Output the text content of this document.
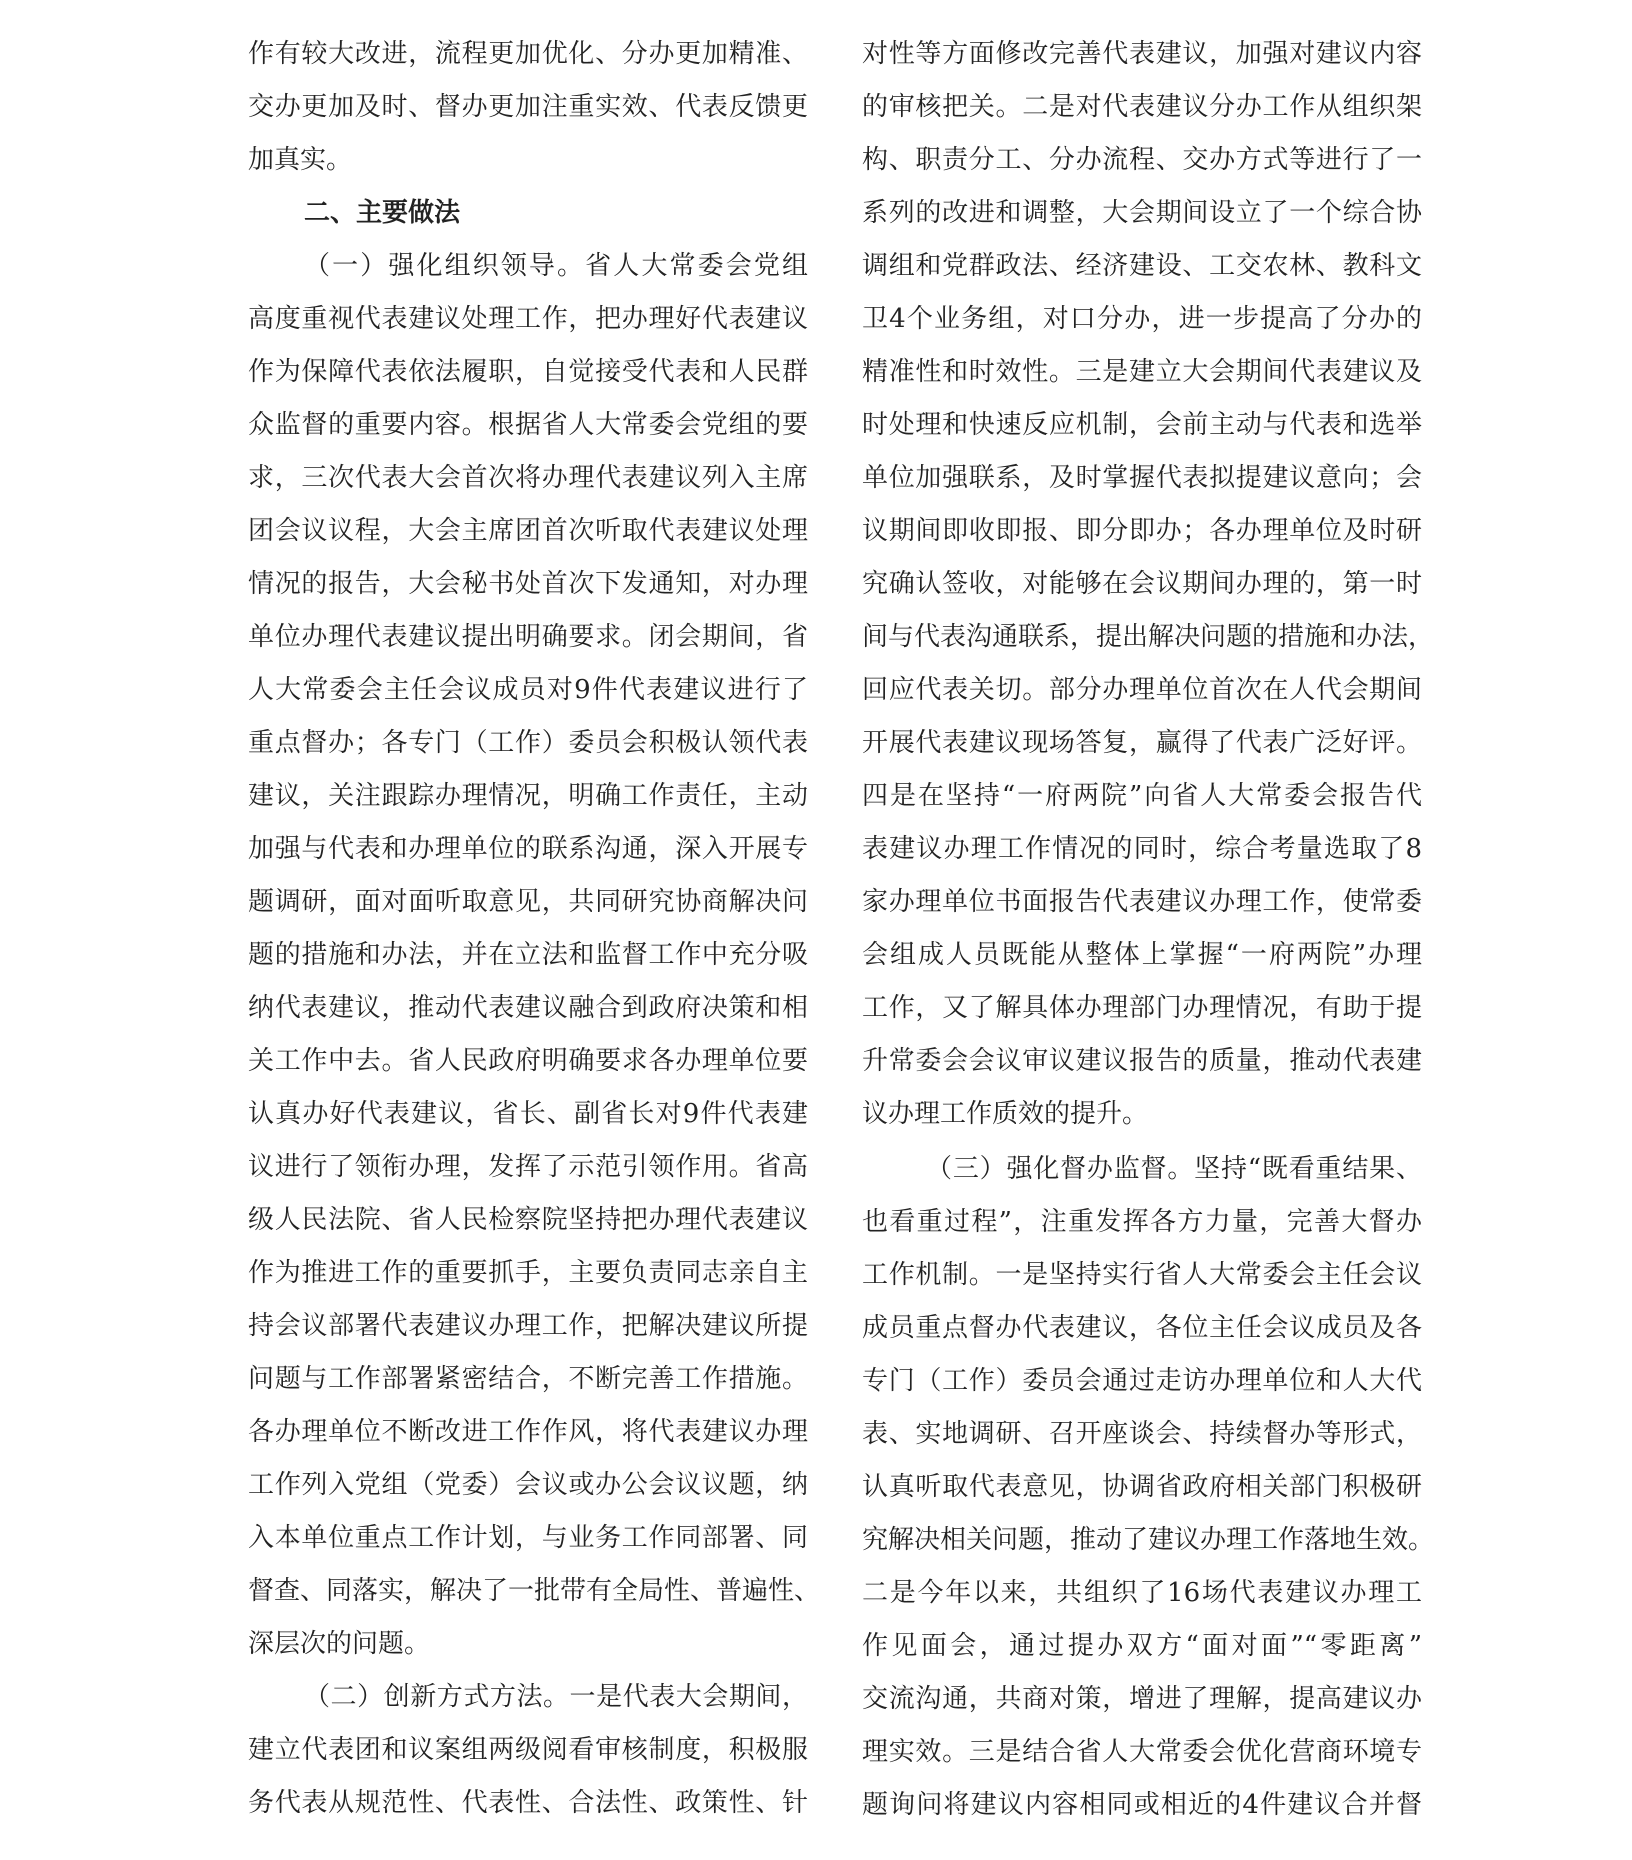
作有较大改进，流程更加优化、分办更加精准、
交办更加及时、督办更加注重实效、代表反馈更
加真实。
二、主要做法
（一）强化组织领导。省人大常委会党组
高度重视代表建议处理工作，把办理好代表建议
作为保障代表依法履职，自觉接受代表和人民群
众监督的重要内容。根据省人大常委会党组的要
求，三次代表大会首次将办理代表建议列入主席
团会议议程，大会主席团首次听取代表建议处理
情况的报告，大会秘书处首次下发通知，对办理
单位办理代表建议提出明确要求。闭会期间，省
人大常委会主任会议成员对9件代表建议进行了
重点督办；各专门（工作）委员会积极认领代表
建议，关注跟踪办理情况，明确工作责任，主动
加强与代表和办理单位的联系沟通，深入开展专
题调研，面对面听取意见，共同研究协商解决问
题的措施和办法，并在立法和监督工作中充分吸
纳代表建议，推动代表建议融合到政府决策和相
关工作中去。省人民政府明确要求各办理单位要
认真办好代表建议，省长、副省长对9件代表建
议进行了领衔办理，发挥了示范引领作用。省高
级人民法院、省人民检察院坚持把办理代表建议
作为推进工作的重要抓手，主要负责同志亲自主
持会议部署代表建议办理工作，把解决建议所提
问题与工作部署紧密结合，不断完善工作措施。
各办理单位不断改进工作作风，将代表建议办理
工作列入党组（党委）会议或办公会议议题，纳
入本单位重点工作计划，与业务工作同部署、同
督查、同落实，解决了一批带有全局性、普遍性、
深层次的问题。
（二）创新方式方法。一是代表大会期间，
建立代表团和议案组两级阅看审核制度，积极服
务代表从规范性、代表性、合法性、政策性、针
对性等方面修改完善代表建议，加强对建议内容
的审核把关。二是对代表建议分办工作从组织架
构、职责分工、分办流程、交办方式等进行了一
系列的改进和调整，大会期间设立了一个综合协
调组和党群政法、经济建设、工交农林、教科文
卫4个业务组，对口分办，进一步提高了分办的
精准性和时效性。三是建立大会期间代表建议及
时处理和快速反应机制，会前主动与代表和选举
单位加强联系，及时掌握代表拟提建议意向；会
议期间即收即报、即分即办；各办理单位及时研
究确认签收，对能够在会议期间办理的，第一时
间与代表沟通联系，提出解决问题的措施和办法，
回应代表关切。部分办理单位首次在人代会期间
开展代表建议现场答复，赢得了代表广泛好评。
四是在坚持“一府两院”向省人大常委会报告代
表建议办理工作情况的同时，综合考量选取了8
家办理单位书面报告代表建议办理工作，使常委
会组成人员既能从整体上掌握“一府两院”办理
工作，又了解具体办理部门办理情况，有助于提
升常委会会议审议建议报告的质量，推动代表建
议办理工作质效的提升。
（三）强化督办监督。坚持“既看重结果、
也看重过程”，注重发挥各方力量，完善大督办
工作机制。一是坚持实行省人大常委会主任会议
成员重点督办代表建议，各位主任会议成员及各
专门（工作）委员会通过走访办理单位和人大代
表、实地调研、召开座谈会、持续督办等形式，
认真听取代表意见，协调省政府相关部门积极研
究解决相关问题，推动了建议办理工作落地生效。
二是今年以来，共组织了16场代表建议办理工
作见面会，通过提办双方“面对面”“零距离”
交流沟通，共商对策，增进了理解，提高建议办
理实效。三是结合省人大常委会优化营商环境专
题询问将建议内容相同或相近的4件建议合并督
